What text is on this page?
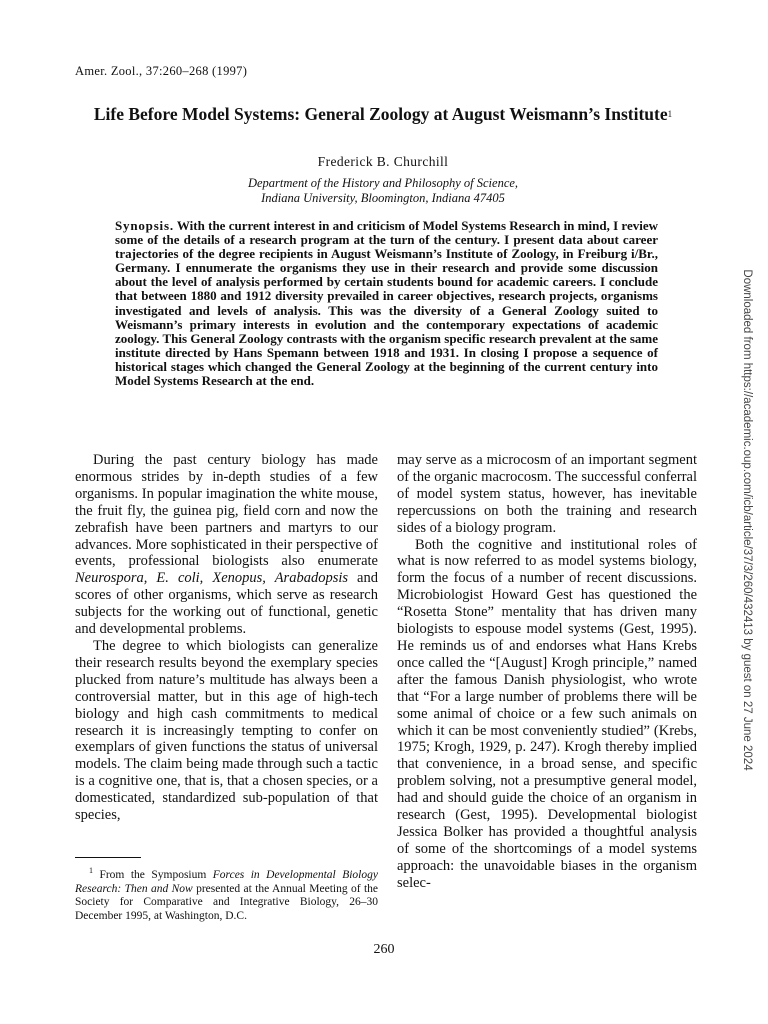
Amer. Zool., 37:260–268 (1997)
Life Before Model Systems: General Zoology at August Weismann’s Institute$^1$
Frederick B. Churchill
Department of the History and Philosophy of Science,
Indiana University, Bloomington, Indiana 47405
Synopsis. With the current interest in and criticism of Model Systems Research in mind, I review some of the details of a research program at the turn of the century. I present data about career trajectories of the degree recipients in August Weismann’s Institute of Zoology, in Freiburg i/Br., Germany. I ennumerate the organisms they use in their research and provide some discussion about the level of analysis performed by certain students bound for academic careers. I conclude that between 1880 and 1912 diversity prevailed in career objectives, research projects, organisms investigated and levels of analysis. This was the diversity of a General Zoology suited to Weismann’s primary interests in evolution and the contemporary expectations of academic zoology. This General Zoology contrasts with the organism specific research prevalent at the same institute directed by Hans Spemann between 1918 and 1931. In closing I propose a sequence of historical stages which changed the General Zoology at the beginning of the current century into Model Systems Research at the end.

During the past century biology has made enormous strides by in-depth studies of a few organisms. In popular imagination the white mouse, the fruit fly, the guinea pig, field corn and now the zebrafish have been partners and martyrs to our advances. More sophisticated in their perspective of events, professional biologists also enumerate Neurospora, E. coli, Xenopus, Arabadopsis and scores of other organisms, which serve as research subjects for the working out of functional, genetic and developmental problems.

The degree to which biologists can generalize their research results beyond the exemplary species plucked from nature’s multitude has always been a controversial matter, but in this age of high-tech biology and high cash commitments to medical research it is increasingly tempting to confer on exemplars of given functions the status of universal models. The claim being made through such a tactic is a cognitive one, that is, that a chosen species, or a domesticated, standardized sub-population of that species,

may serve as a microcosm of an important segment of the organic macrocosm. The successful conferral of model system status, however, has inevitable repercussions on both the training and research sides of a biology program.

Both the cognitive and institutional roles of what is now referred to as model systems biology, form the focus of a number of recent discussions. Microbiologist Howard Gest has questioned the “Rosetta Stone” mentality that has driven many biologists to espouse model systems (Gest, 1995). He reminds us of and endorses what Hans Krebs once called the “[August] Krogh principle,” named after the famous Danish physiologist, who wrote that “For a large number of problems there will be some animal of choice or a few such animals on which it can be most conveniently studied” (Krebs, 1975; Krogh, 1929, p. 247). Krogh thereby implied that convenience, in a broad sense, and specific problem solving, not a presumptive general model, had and should guide the choice of an organism in research (Gest, 1995). Developmental biologist Jessica Bolker has provided a thoughtful analysis of some of the shortcomings of a model systems approach: the unavoidable biases in the organism selec-

$^1$ From the Symposium Forces in Developmental Biology Research: Then and Now presented at the Annual Meeting of the Society for Comparative and Integrative Biology, 26–30 December 1995, at Washington, D.C.

260
Downloaded from https://academic.oup.com/icb/article/37/3/260/432413 by guest on 27 June 2024
